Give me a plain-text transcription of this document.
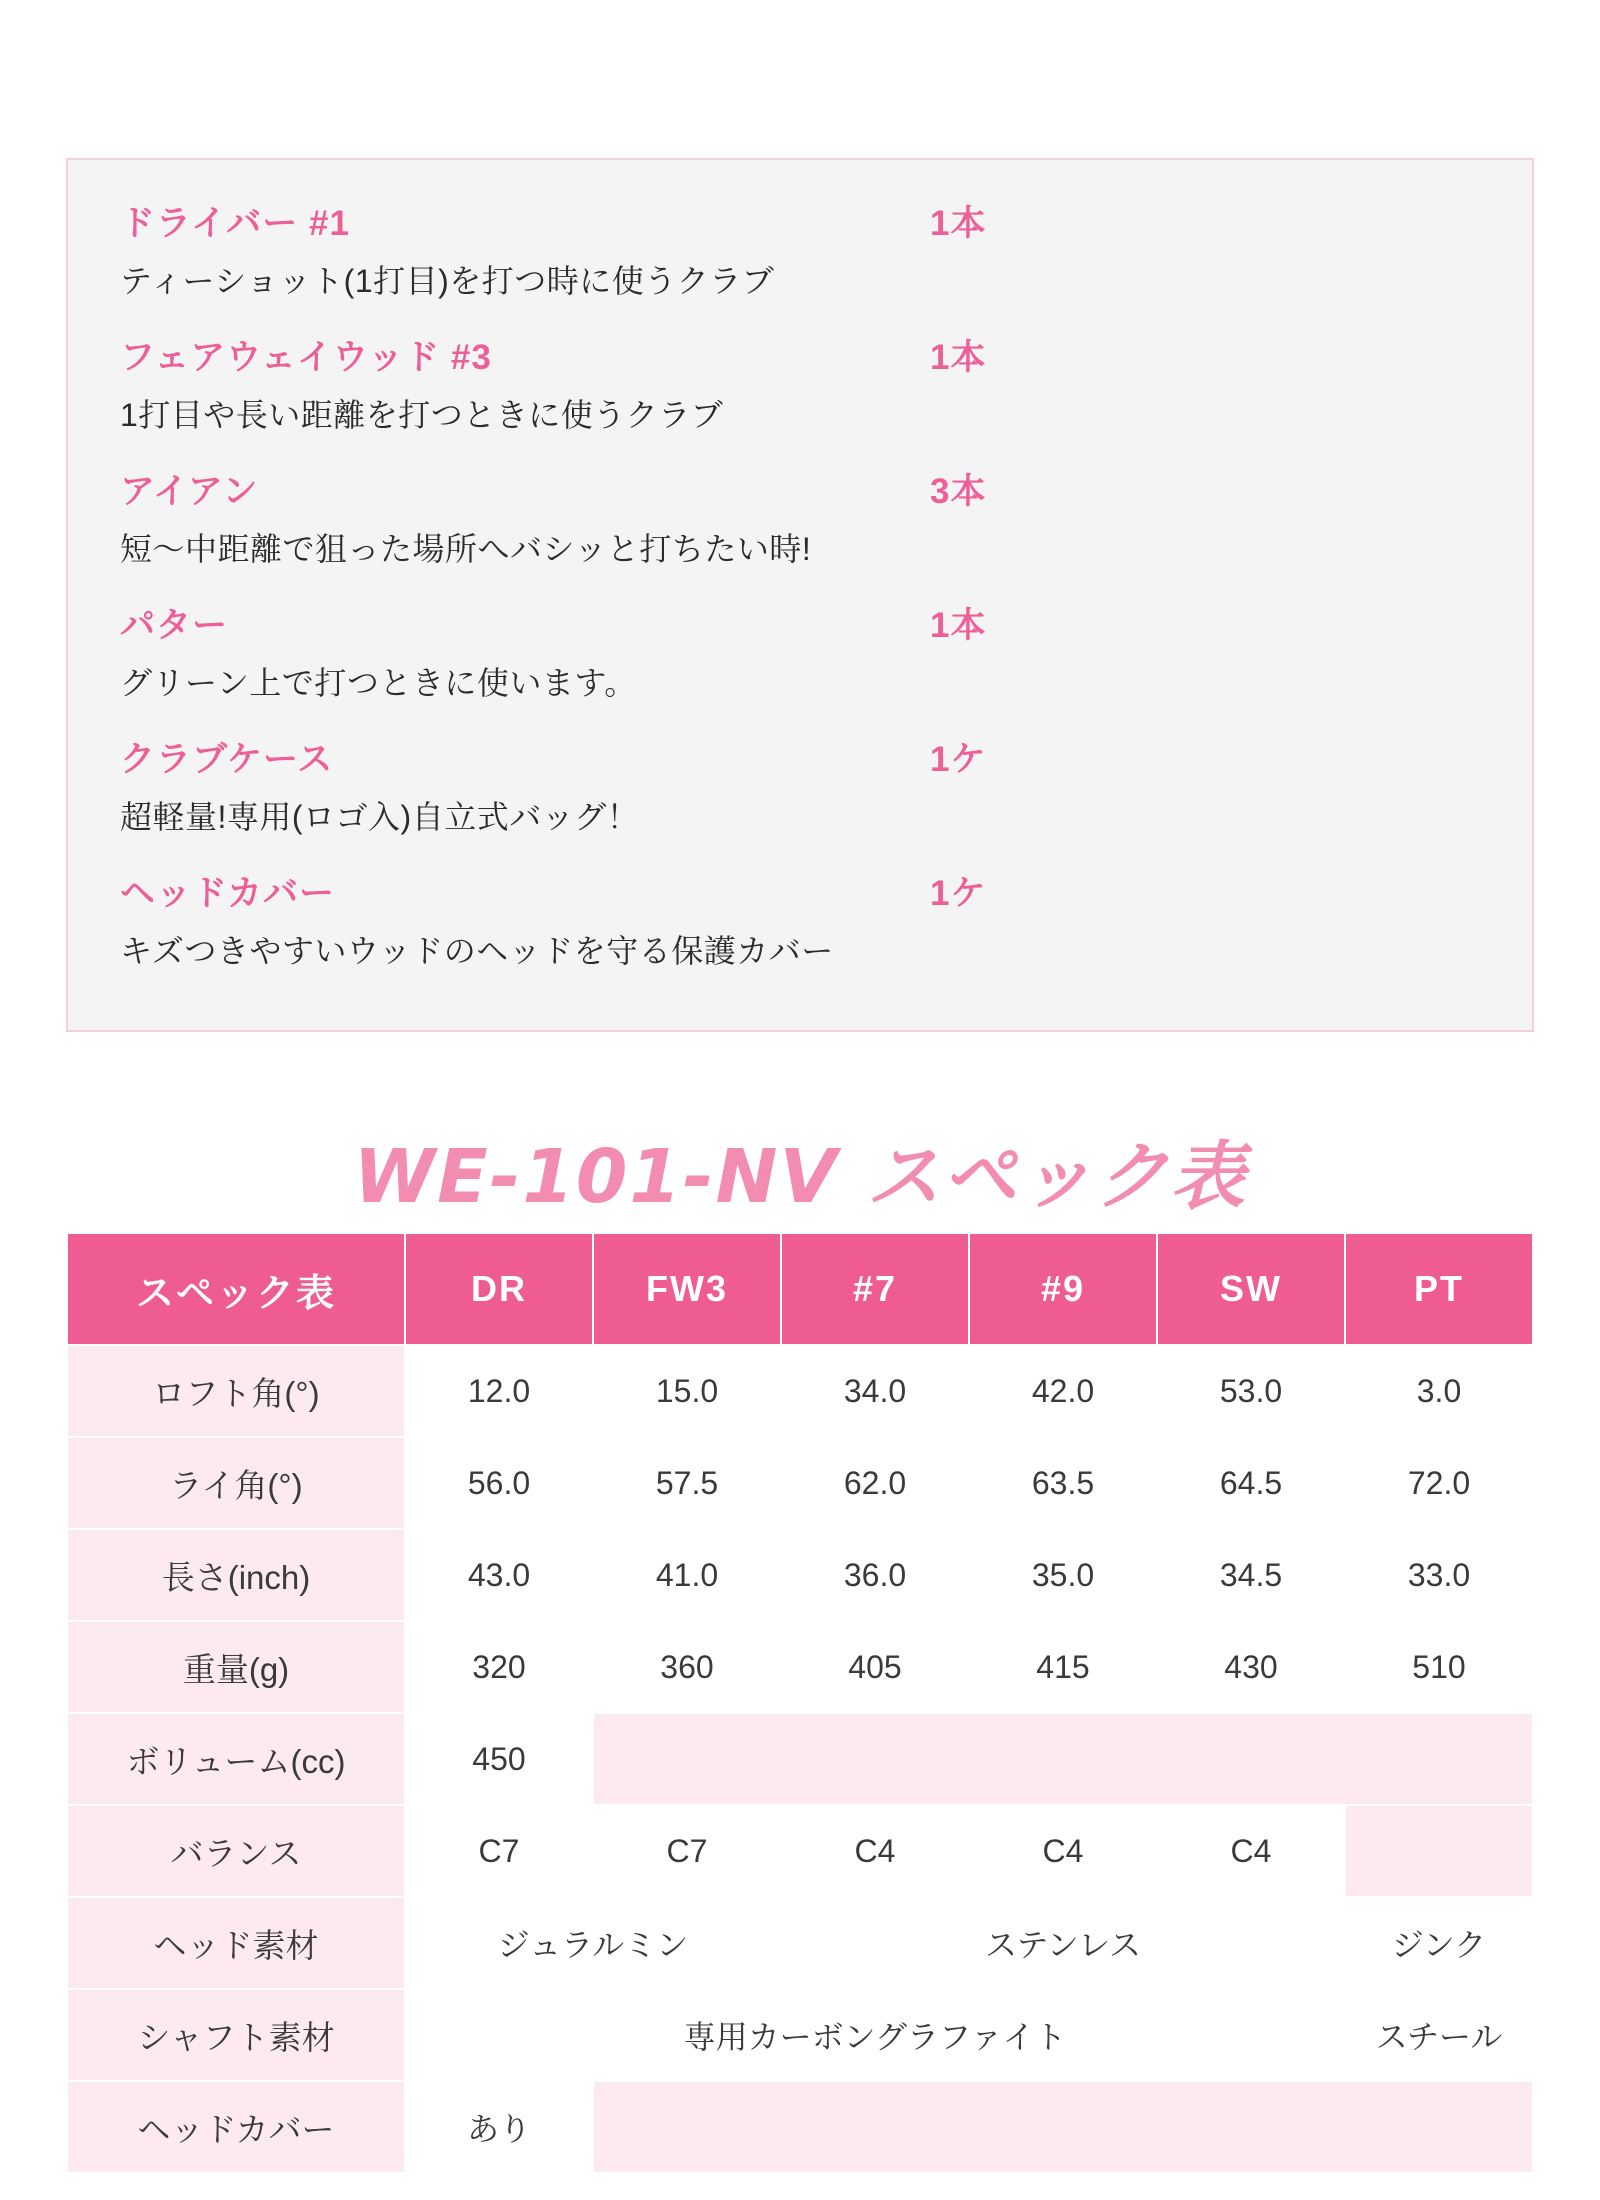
ドライバー #1	1本
ティーショット(1打目)を打つ時に使うクラブ
フェアウェイウッド #3	1本
1打目や長い距離を打つときに使うクラブ
アイアン	3本
短〜中距離で狙った場所へバシッと打ちたい時!
パター	1本
グリーン上で打つときに使います。
クラブケース	1ケ
超軽量!専用(ロゴ入)自立式バッグ！
ヘッドカバー	1ケ
キズつきやすいウッドのヘッドを守る保護カバー
WE-101-NV スペック表
スペック表	DR	FW3	#7	#9	SW	PT
ロフト角(°)	12.0	15.0	34.0	42.0	53.0	3.0
ライ角(°)	56.0	57.5	62.0	63.5	64.5	72.0
長さ(inch)	43.0	41.0	36.0	35.0	34.5	33.0
重量(g)	320	360	405	415	430	510
ボリューム(cc)	450					
バランス	C7	C7	C4	C4	C4	
ヘッド素材	ジュラルミン		ステンレス			ジンク
シャフト素材	専用カーボングラファイト					スチール
ヘッドカバー	あり					
